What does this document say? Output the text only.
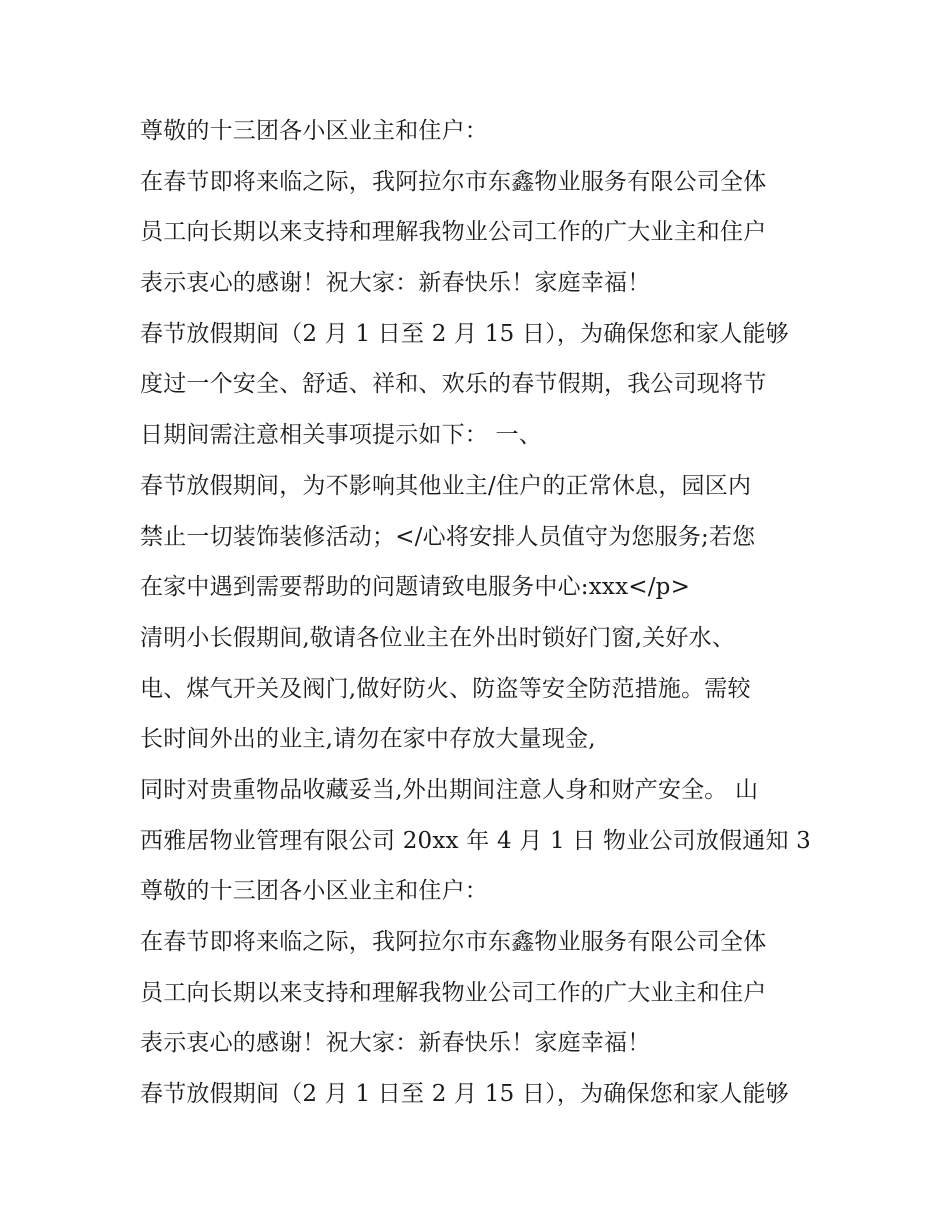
尊敬的十三团各小区业主和住户：
在春节即将来临之际，我阿拉尔市东鑫物业服务有限公司全体
员工向长期以来支持和理解我物业公司工作的广大业主和住户
表示衷心的感谢！祝大家：新春快乐！家庭幸福！
春节放假期间（2 月 1 日至 2 月 15 日），为确保您和家人能够
度过一个安全、舒适、祥和、欢乐的春节假期，我公司现将节
日期间需注意相关事项提示如下： 一、
春节放假期间，为不影响其他业主/住户的正常休息，园区内
禁止一切装饰装修活动；</心将安排人员值守为您服务;若您
在家中遇到需要帮助的问题请致电服务中心:xxx</p>
清明小长假期间,敬请各位业主在外出时锁好门窗,关好水、
电、煤气开关及阀门,做好防火、防盗等安全防范措施。需较
长时间外出的业主,请勿在家中存放大量现金,
同时对贵重物品收藏妥当,外出期间注意人身和财产安全。 山
西雅居物业管理有限公司 20xx 年 4 月 1 日 物业公司放假通知 3
尊敬的十三团各小区业主和住户：
在春节即将来临之际，我阿拉尔市东鑫物业服务有限公司全体
员工向长期以来支持和理解我物业公司工作的广大业主和住户
表示衷心的感谢！祝大家：新春快乐！家庭幸福！
春节放假期间（2 月 1 日至 2 月 15 日），为确保您和家人能够
